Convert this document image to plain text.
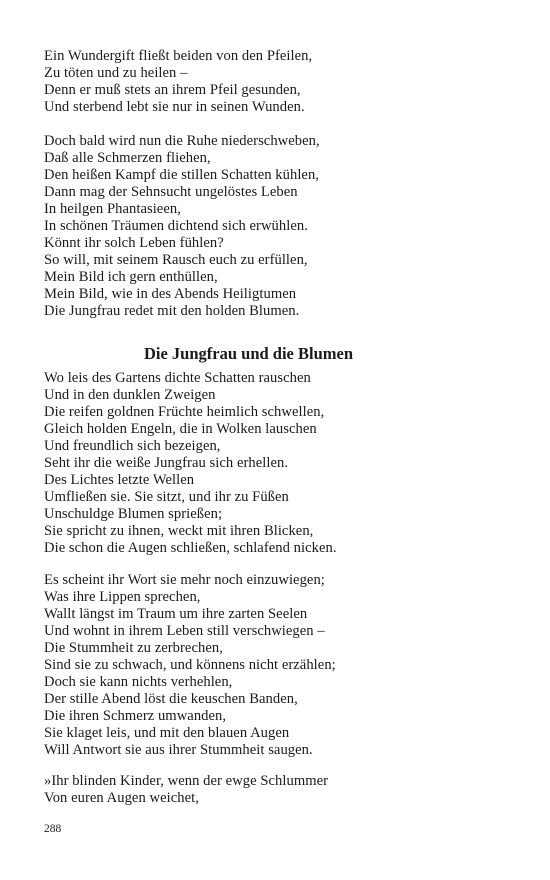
Ein Wundergift fließt beiden von den Pfeilen,
Zu töten und zu heilen –
Denn er muß stets an ihrem Pfeil gesunden,
Und sterbend lebt sie nur in seinen Wunden.
Doch bald wird nun die Ruhe niederschweben,
Daß alle Schmerzen fliehen,
Den heißen Kampf die stillen Schatten kühlen,
Dann mag der Sehnsucht ungelöstes Leben
In heilgen Phantasieen,
In schönen Träumen dichtend sich erwühlen.
Könnt ihr solch Leben fühlen?
So will, mit seinem Rausch euch zu erfüllen,
Mein Bild ich gern enthüllen,
Mein Bild, wie in des Abends Heiligtumen
Die Jungfrau redet mit den holden Blumen.
Die Jungfrau und die Blumen
Wo leis des Gartens dichte Schatten rauschen
Und in den dunklen Zweigen
Die reifen goldnen Früchte heimlich schwellen,
Gleich holden Engeln, die in Wolken lauschen
Und freundlich sich bezeigen,
Seht ihr die weiße Jungfrau sich erhellen.
Des Lichtes letzte Wellen
Umfließen sie. Sie sitzt, und ihr zu Füßen
Unschuldge Blumen sprießen;
Sie spricht zu ihnen, weckt mit ihren Blicken,
Die schon die Augen schließen, schlafend nicken.
Es scheint ihr Wort sie mehr noch einzuwiegen;
Was ihre Lippen sprechen,
Wallt längst im Traum um ihre zarten Seelen
Und wohnt in ihrem Leben still verschwiegen –
Die Stummheit zu zerbrechen,
Sind sie zu schwach, und könnens nicht erzählen;
Doch sie kann nichts verhehlen,
Der stille Abend löst die keuschen Banden,
Die ihren Schmerz umwanden,
Sie klaget leis, und mit den blauen Augen
Will Antwort sie aus ihrer Stummheit saugen.
»Ihr blinden Kinder, wenn der ewge Schlummer
Von euren Augen weichet,
288
